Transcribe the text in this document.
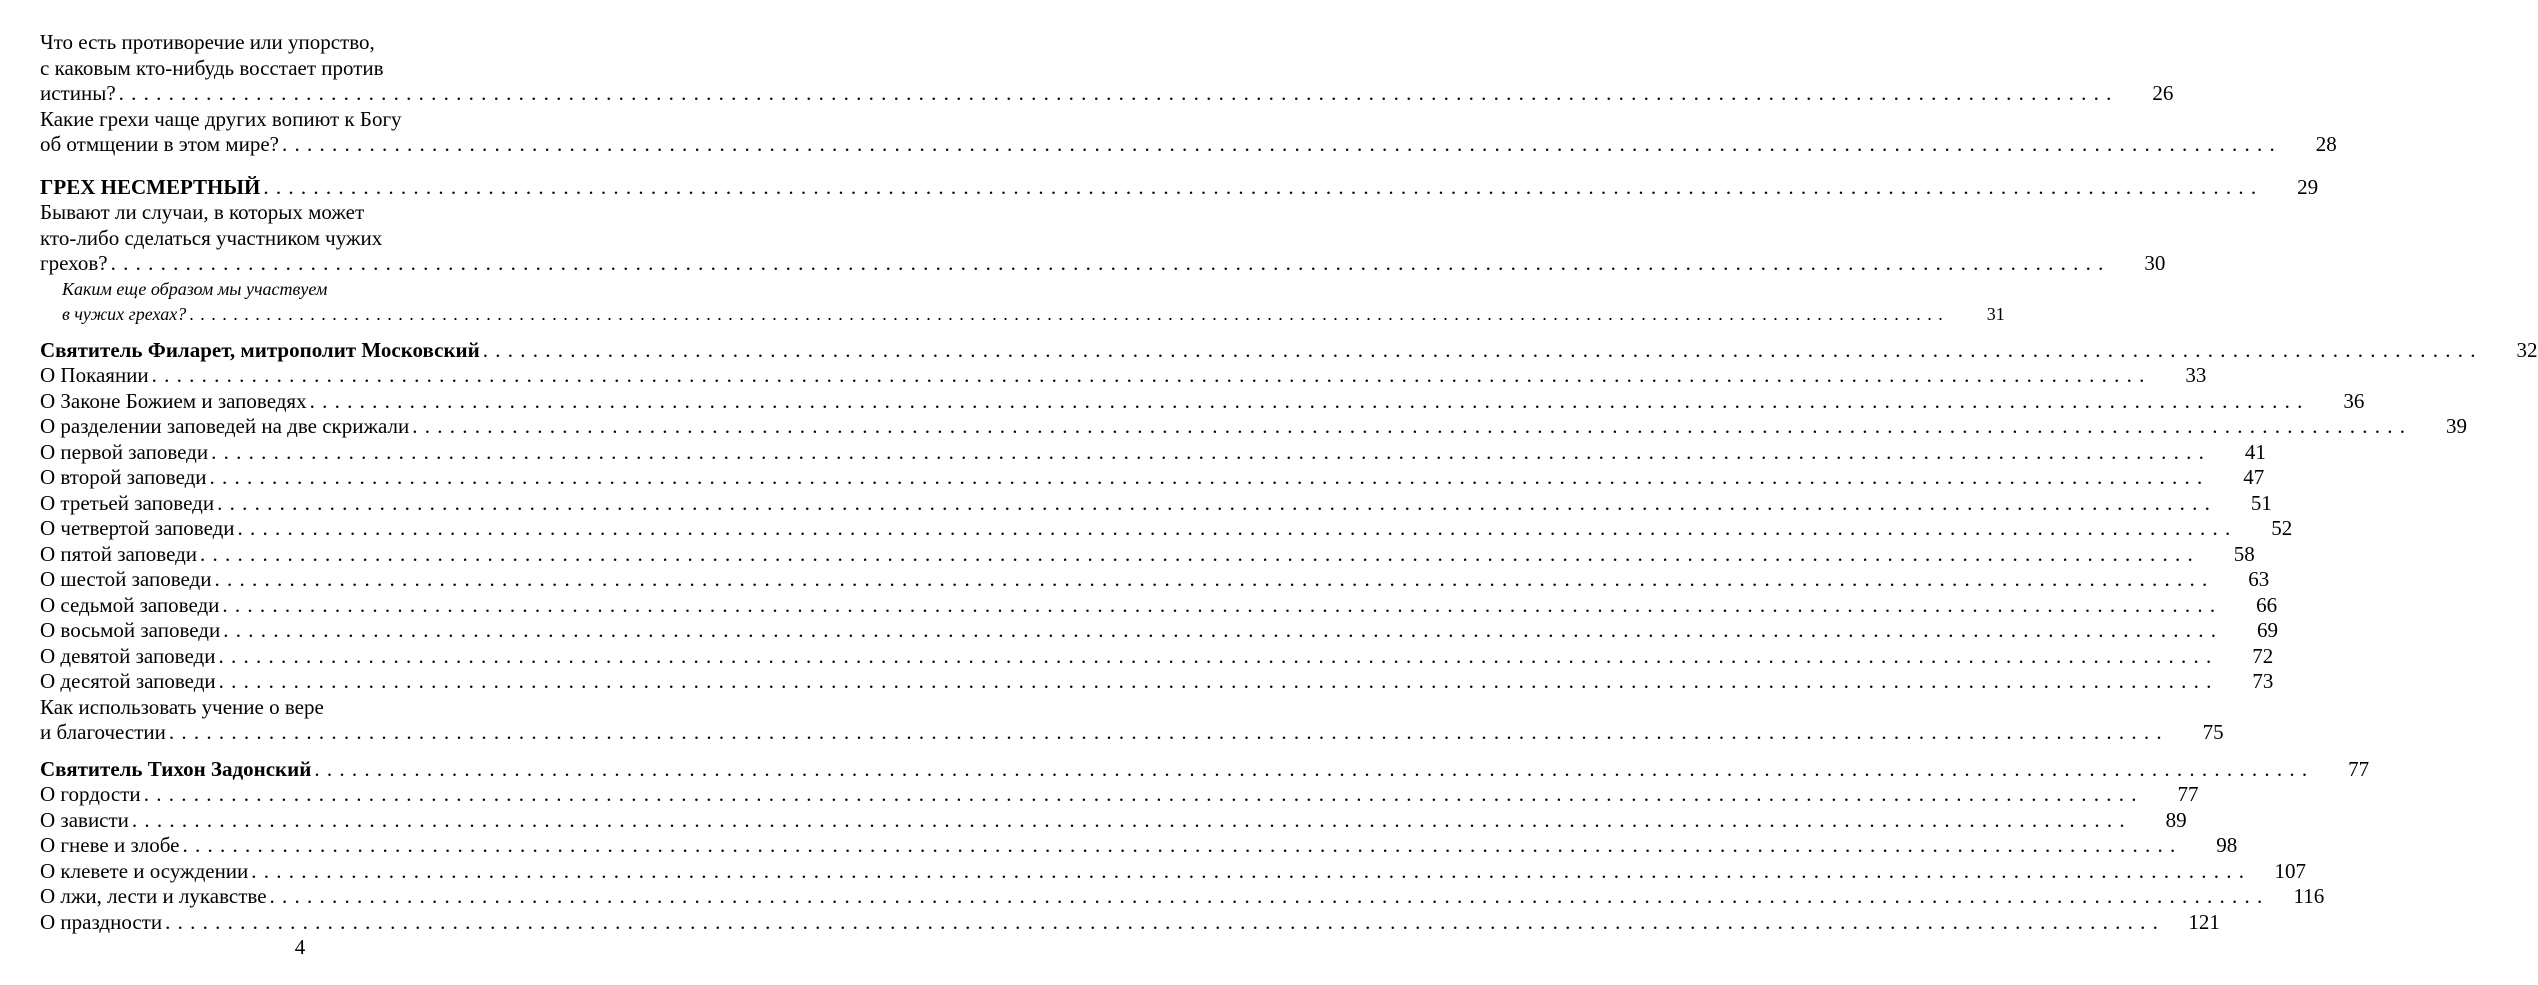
Что есть противоречие или упорство,
с каковым кто-нибудь восстает против
истины? . . . . . . . . . . . . . . . . . . . . . . . . . . . . . . . . . . . . . . . . . . . . . . . . . . . . . . . . . . . . . . . . . . . . . . . . . . . . . . . . . . . . . . . . . . . . . . . . . . . . . . . . . . . . . . . . . . . . . . . . . . . . . . . . . . . . . . . . . . . . . . . . . . . . . . . . . . . . . . . .	26
Какие грехи чаще других вопиют к Богу
об отмщении в этом мире? . . . . . . . . . . . . . . . . . . . . . . . . . . . . . . . . . . . . . . . . . . . . . . . . . . . . . . . . . . . . . . . . . . . . . . . . . . . . . . . . . . . . . . . . . . . . . . . . . . . . . . . . . . . . . . . . . . . . . . . . . . . . . . . . . . . . . . . . . . . . . . . . . . . . . . . . . . . . . . . .	28
ГРЕХ НЕСМЕРТНЫЙ . . . . . . . . . . . . . . . . . . . . . . . . . . . . . . . . . . . . . . . . . . . . . . . . . . . . . . . . . . . . . . . . . . . . . . . . . . . . . . . . . . . . . . . . . . . . . . . . . . . . . . . . . . . . . . . . . . . . . . . . . . . . . . . . . . . . . . . . . . . . . . . . . . . . . . . . . . . . . . . .	29
Бывают ли случаи, в которых может
кто-либо сделаться участником чужих
грехов? . . . . . . . . . . . . . . . . . . . . . . . . . . . . . . . . . . . . . . . . . . . . . . . . . . . . . . . . . . . . . . . . . . . . . . . . . . . . . . . . . . . . . . . . . . . . . . . . . . . . . . . . . . . . . . . . . . . . . . . . . . . . . . . . . . . . . . . . . . . . . . . . . . . . . . . . . . . . . . . .	30
Каким еще образом мы участвуем
в чужих грехах? . . . . . . . . . . . . . . . . . . . . . . . . . . . . . . . . . . . . . . . . . . . . . . . . . . . . . . . . . . . . . . . . . . . . . . . . . . . . . . . . . . . . . . . . . . . . . . . . . . . . . . . . . . . . . . . . . . . . . . . . . . . . . . . . . . . . . . . . . . . . . . . . . . . . . . . . . . . . . . . .	31
Святитель Филарет, митрополит Московский . . . . . . . . . . . . . . . . . . . . . . . . . . . . . . . . . . . . . . . . . . . . . . . . . . . . . . . . . . . . . . . . . . . . . . . . . . . . . . . . . . . . . . . . . . . . . . . . . . . . . . . . . . . . . . . . . . . . . . . . . . . . . . . . . . . . . . . . . . . . . . . . . . . . . . . . . . . . . . . .	32
О Покаянии . . . . . . . . . . . . . . . . . . . . . . . . . . . . . . . . . . . . . . . . . . . . . . . . . . . . . . . . . . . . . . . . . . . . . . . . . . . . . . . . . . . . . . . . . . . . . . . . . . . . . . . . . . . . . . . . . . . . . . . . . . . . . . . . . . . . . . . . . . . . . . . . . . . . . . . . . . . . . . . .	33
О Законе Божием и заповедях . . . . . . . . . . . . . . . . . . . . . . . . . . . . . . . . . . . . . . . . . . . . . . . . . . . . . . . . . . . . . . . . . . . . . . . . . . . . . . . . . . . . . . . . . . . . . . . . . . . . . . . . . . . . . . . . . . . . . . . . . . . . . . . . . . . . . . . . . . . . . . . . . . . . . . . . . . . . . . . .	36
О разделении заповедей на две скрижали . . . . . . . . . . . . . . . . . . . . . . . . . . . . . . . . . . . . . . . . . . . . . . . . . . . . . . . . . . . . . . . . . . . . . . . . . . . . . . . . . . . . . . . . . . . . . . . . . . . . . . . . . . . . . . . . . . . . . . . . . . . . . . . . . . . . . . . . . . . . . . . . . . . . . . . . . . . . . . . .	39
О первой заповеди . . . . . . . . . . . . . . . . . . . . . . . . . . . . . . . . . . . . . . . . . . . . . . . . . . . . . . . . . . . . . . . . . . . . . . . . . . . . . . . . . . . . . . . . . . . . . . . . . . . . . . . . . . . . . . . . . . . . . . . . . . . . . . . . . . . . . . . . . . . . . . . . . . . . . . . . . . . . . . . .	41
О второй заповеди . . . . . . . . . . . . . . . . . . . . . . . . . . . . . . . . . . . . . . . . . . . . . . . . . . . . . . . . . . . . . . . . . . . . . . . . . . . . . . . . . . . . . . . . . . . . . . . . . . . . . . . . . . . . . . . . . . . . . . . . . . . . . . . . . . . . . . . . . . . . . . . . . . . . . . . . . . . . . . . .	47
О третьей заповеди . . . . . . . . . . . . . . . . . . . . . . . . . . . . . . . . . . . . . . . . . . . . . . . . . . . . . . . . . . . . . . . . . . . . . . . . . . . . . . . . . . . . . . . . . . . . . . . . . . . . . . . . . . . . . . . . . . . . . . . . . . . . . . . . . . . . . . . . . . . . . . . . . . . . . . . . . . . . . . . .	51
О четвертой заповеди . . . . . . . . . . . . . . . . . . . . . . . . . . . . . . . . . . . . . . . . . . . . . . . . . . . . . . . . . . . . . . . . . . . . . . . . . . . . . . . . . . . . . . . . . . . . . . . . . . . . . . . . . . . . . . . . . . . . . . . . . . . . . . . . . . . . . . . . . . . . . . . . . . . . . . . . . . . . . . . .	52
О пятой заповеди . . . . . . . . . . . . . . . . . . . . . . . . . . . . . . . . . . . . . . . . . . . . . . . . . . . . . . . . . . . . . . . . . . . . . . . . . . . . . . . . . . . . . . . . . . . . . . . . . . . . . . . . . . . . . . . . . . . . . . . . . . . . . . . . . . . . . . . . . . . . . . . . . . . . . . . . . . . . . . . .	58
О шестой заповеди . . . . . . . . . . . . . . . . . . . . . . . . . . . . . . . . . . . . . . . . . . . . . . . . . . . . . . . . . . . . . . . . . . . . . . . . . . . . . . . . . . . . . . . . . . . . . . . . . . . . . . . . . . . . . . . . . . . . . . . . . . . . . . . . . . . . . . . . . . . . . . . . . . . . . . . . . . . . . . . .	63
О седьмой заповеди . . . . . . . . . . . . . . . . . . . . . . . . . . . . . . . . . . . . . . . . . . . . . . . . . . . . . . . . . . . . . . . . . . . . . . . . . . . . . . . . . . . . . . . . . . . . . . . . . . . . . . . . . . . . . . . . . . . . . . . . . . . . . . . . . . . . . . . . . . . . . . . . . . . . . . . . . . . . . . . .	66
О восьмой заповеди . . . . . . . . . . . . . . . . . . . . . . . . . . . . . . . . . . . . . . . . . . . . . . . . . . . . . . . . . . . . . . . . . . . . . . . . . . . . . . . . . . . . . . . . . . . . . . . . . . . . . . . . . . . . . . . . . . . . . . . . . . . . . . . . . . . . . . . . . . . . . . . . . . . . . . . . . . . . . . . .	69
О девятой заповеди . . . . . . . . . . . . . . . . . . . . . . . . . . . . . . . . . . . . . . . . . . . . . . . . . . . . . . . . . . . . . . . . . . . . . . . . . . . . . . . . . . . . . . . . . . . . . . . . . . . . . . . . . . . . . . . . . . . . . . . . . . . . . . . . . . . . . . . . . . . . . . . . . . . . . . . . . . . . . . . .	72
О десятой заповеди . . . . . . . . . . . . . . . . . . . . . . . . . . . . . . . . . . . . . . . . . . . . . . . . . . . . . . . . . . . . . . . . . . . . . . . . . . . . . . . . . . . . . . . . . . . . . . . . . . . . . . . . . . . . . . . . . . . . . . . . . . . . . . . . . . . . . . . . . . . . . . . . . . . . . . . . . . . . . . . .	73
Как использовать учение о вере
и благочестии . . . . . . . . . . . . . . . . . . . . . . . . . . . . . . . . . . . . . . . . . . . . . . . . . . . . . . . . . . . . . . . . . . . . . . . . . . . . . . . . . . . . . . . . . . . . . . . . . . . . . . . . . . . . . . . . . . . . . . . . . . . . . . . . . . . . . . . . . . . . . . . . . . . . . . . . . . . . . . . .	75
Святитель Тихон Задонский . . . . . . . . . . . . . . . . . . . . . . . . . . . . . . . . . . . . . . . . . . . . . . . . . . . . . . . . . . . . . . . . . . . . . . . . . . . . . . . . . . . . . . . . . . . . . . . . . . . . . . . . . . . . . . . . . . . . . . . . . . . . . . . . . . . . . . . . . . . . . . . . . . . . . . . . . . . . . . . .	77
О гордости . . . . . . . . . . . . . . . . . . . . . . . . . . . . . . . . . . . . . . . . . . . . . . . . . . . . . . . . . . . . . . . . . . . . . . . . . . . . . . . . . . . . . . . . . . . . . . . . . . . . . . . . . . . . . . . . . . . . . . . . . . . . . . . . . . . . . . . . . . . . . . . . . . . . . . . . . . . . . . . .	77
О зависти . . . . . . . . . . . . . . . . . . . . . . . . . . . . . . . . . . . . . . . . . . . . . . . . . . . . . . . . . . . . . . . . . . . . . . . . . . . . . . . . . . . . . . . . . . . . . . . . . . . . . . . . . . . . . . . . . . . . . . . . . . . . . . . . . . . . . . . . . . . . . . . . . . . . . . . . . . . . . . . .	89
О гневе и злобе . . . . . . . . . . . . . . . . . . . . . . . . . . . . . . . . . . . . . . . . . . . . . . . . . . . . . . . . . . . . . . . . . . . . . . . . . . . . . . . . . . . . . . . . . . . . . . . . . . . . . . . . . . . . . . . . . . . . . . . . . . . . . . . . . . . . . . . . . . . . . . . . . . . . . . . . . . . . . . . .	98
О клевете и осуждении . . . . . . . . . . . . . . . . . . . . . . . . . . . . . . . . . . . . . . . . . . . . . . . . . . . . . . . . . . . . . . . . . . . . . . . . . . . . . . . . . . . . . . . . . . . . . . . . . . . . . . . . . . . . . . . . . . . . . . . . . . . . . . . . . . . . . . . . . . . . . . . . . . . . . . . . . . . . . . . .	107
О лжи, лести и лукавстве . . . . . . . . . . . . . . . . . . . . . . . . . . . . . . . . . . . . . . . . . . . . . . . . . . . . . . . . . . . . . . . . . . . . . . . . . . . . . . . . . . . . . . . . . . . . . . . . . . . . . . . . . . . . . . . . . . . . . . . . . . . . . . . . . . . . . . . . . . . . . . . . . . . . . . . . . . . . . . . .	116
О праздности . . . . . . . . . . . . . . . . . . . . . . . . . . . . . . . . . . . . . . . . . . . . . . . . . . . . . . . . . . . . . . . . . . . . . . . . . . . . . . . . . . . . . . . . . . . . . . . . . . . . . . . . . . . . . . . . . . . . . . . . . . . . . . . . . . . . . . . . . . . . . . . . . . . . . . . . . . . . . . . .	121
4
